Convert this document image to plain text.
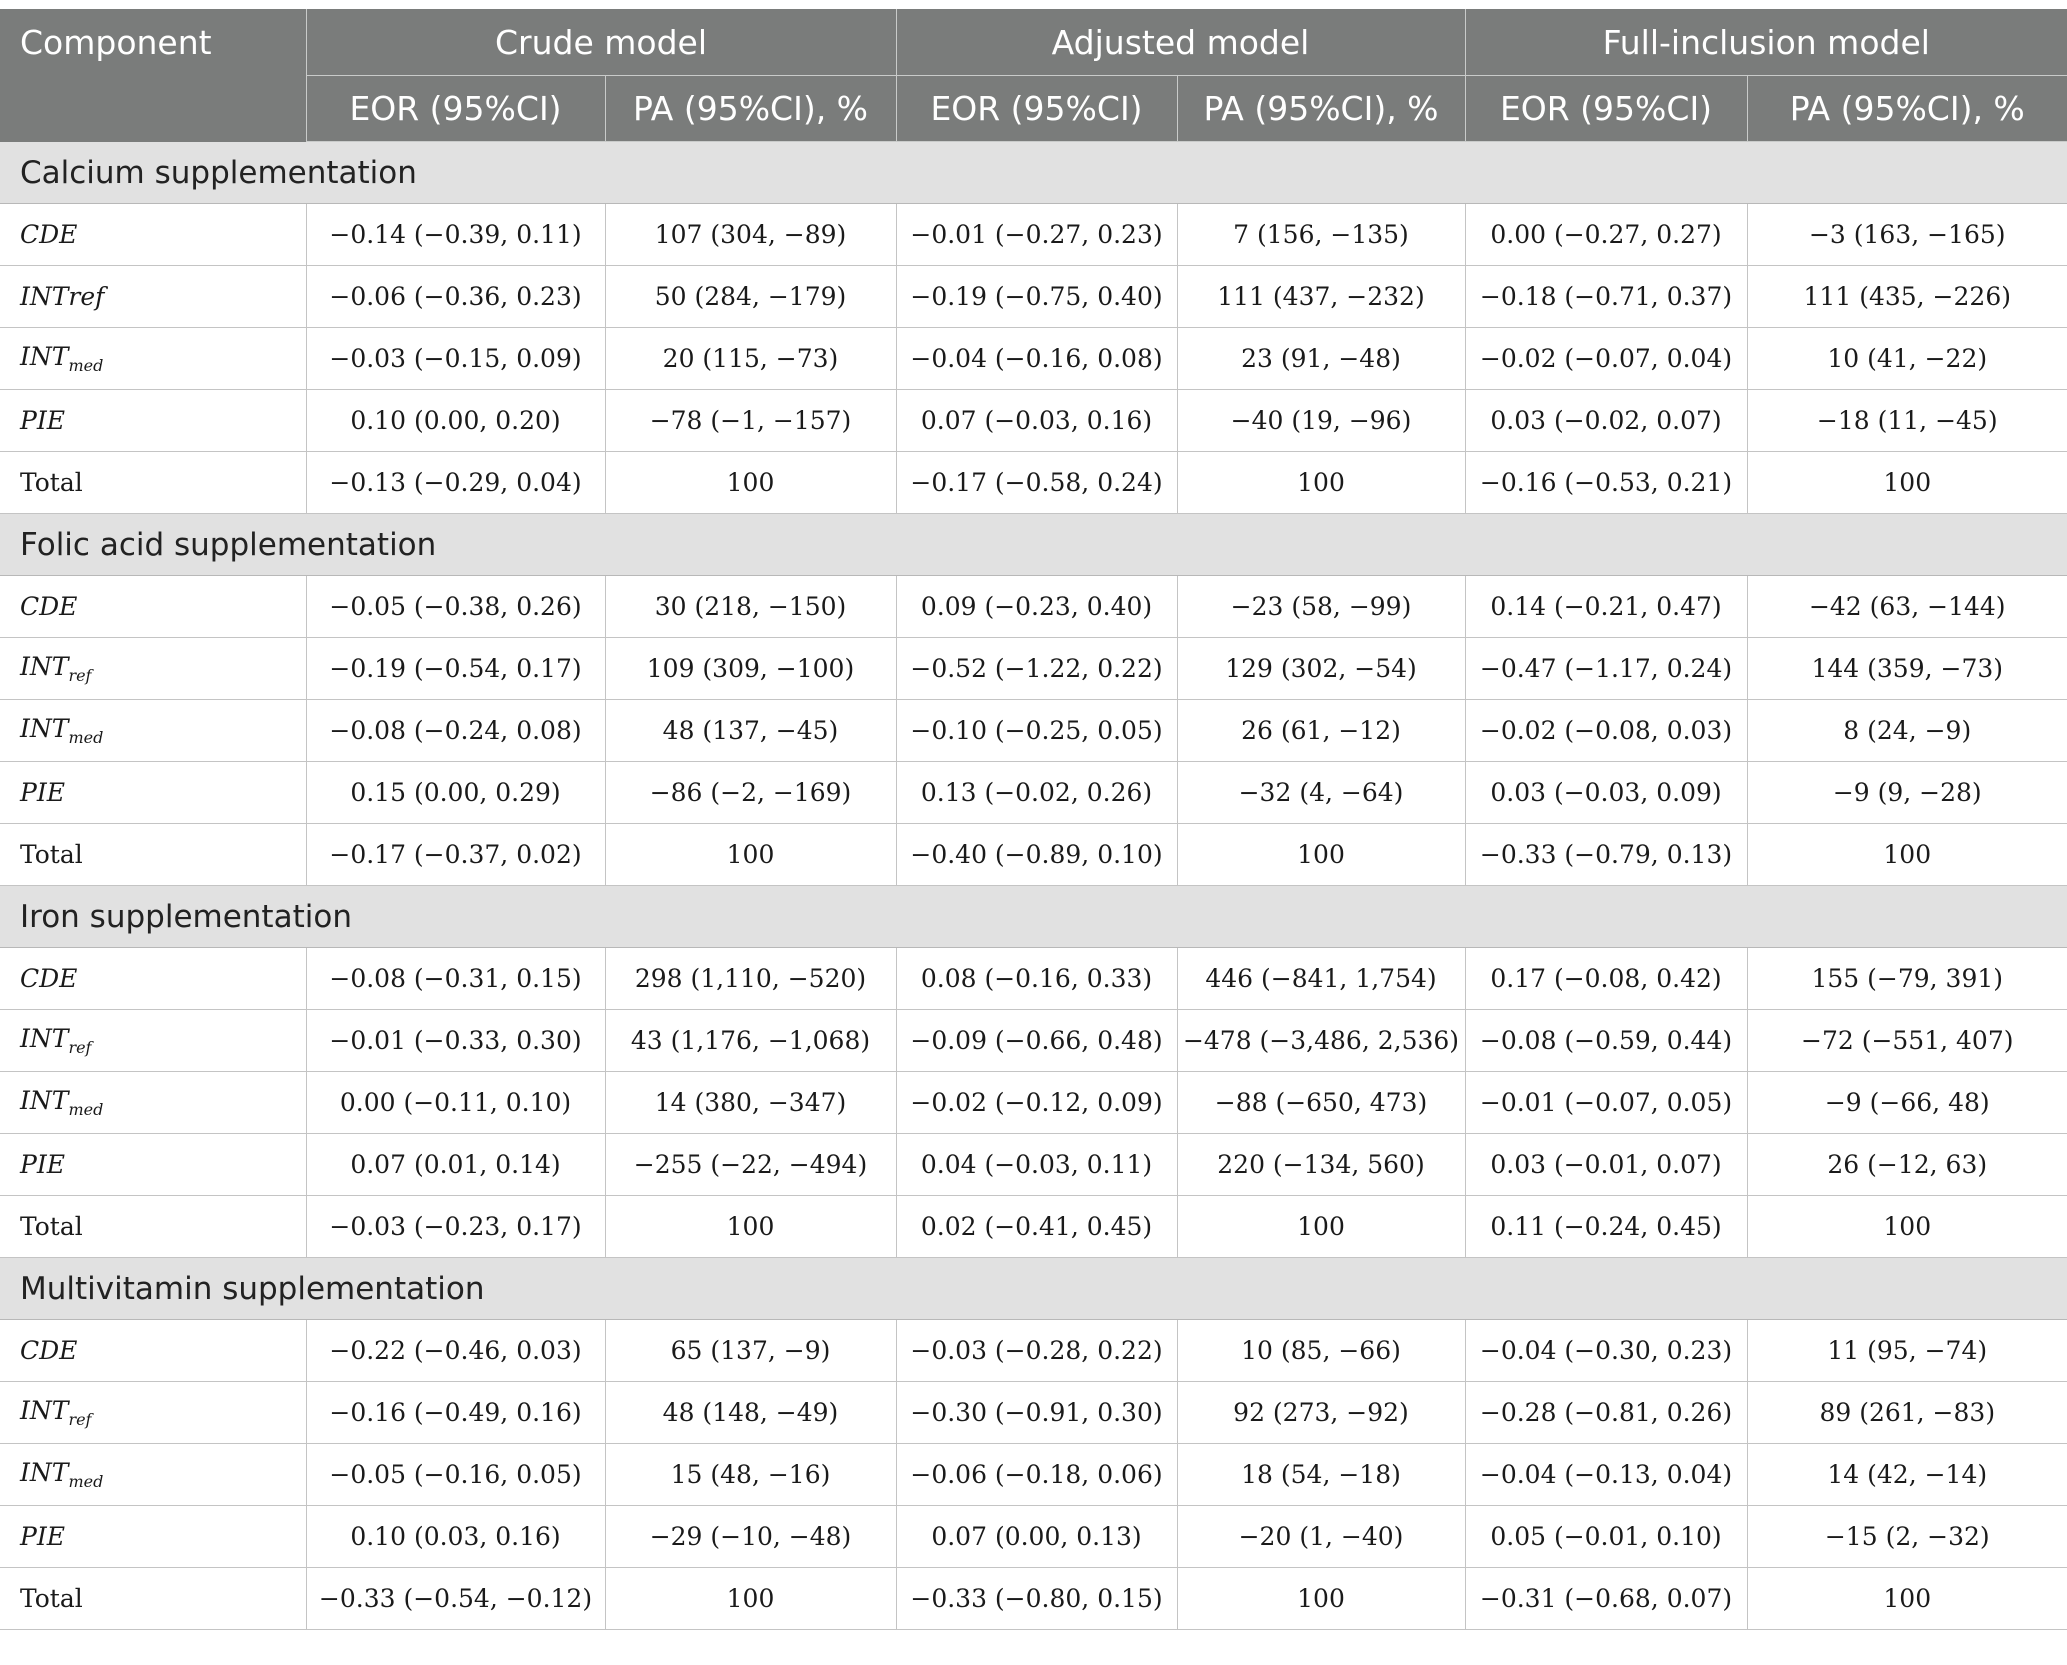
Component	Crude model		Adjusted model		Full-inclusion model	
	EOR (95%CI)	PA (95%CI), %	EOR (95%CI)	PA (95%CI), %	EOR (95%CI)	PA (95%CI), %
Calcium supplementation						
CDE	−0.14 (−0.39, 0.11)	107 (304, −89)	−0.01 (−0.27, 0.23)	7 (156, −135)	0.00 (−0.27, 0.27)	−3 (163, −165)
INTref	−0.06 (−0.36, 0.23)	50 (284, −179)	−0.19 (−0.75, 0.40)	111 (437, −232)	−0.18 (−0.71, 0.37)	111 (435, −226)
$INT_{med}$	−0.03 (−0.15, 0.09)	20 (115, −73)	−0.04 (−0.16, 0.08)	23 (91, −48)	−0.02 (−0.07, 0.04)	10 (41, −22)
PIE	0.10 (0.00, 0.20)	−78 (−1, −157)	0.07 (−0.03, 0.16)	−40 (19, −96)	0.03 (−0.02, 0.07)	−18 (11, −45)
Total	−0.13 (−0.29, 0.04)	100	−0.17 (−0.58, 0.24)	100	−0.16 (−0.53, 0.21)	100
Folic acid supplementation						
CDE	−0.05 (−0.38, 0.26)	30 (218, −150)	0.09 (−0.23, 0.40)	−23 (58, −99)	0.14 (−0.21, 0.47)	−42 (63, −144)
$INT_{ref}$	−0.19 (−0.54, 0.17)	109 (309, −100)	−0.52 (−1.22, 0.22)	129 (302, −54)	−0.47 (−1.17, 0.24)	144 (359, −73)
$INT_{med}$	−0.08 (−0.24, 0.08)	48 (137, −45)	−0.10 (−0.25, 0.05)	26 (61, −12)	−0.02 (−0.08, 0.03)	8 (24, −9)
PIE	0.15 (0.00, 0.29)	−86 (−2, −169)	0.13 (−0.02, 0.26)	−32 (4, −64)	0.03 (−0.03, 0.09)	−9 (9, −28)
Total	−0.17 (−0.37, 0.02)	100	−0.40 (−0.89, 0.10)	100	−0.33 (−0.79, 0.13)	100
Iron supplementation						
CDE	−0.08 (−0.31, 0.15)	298 (1,110, −520)	0.08 (−0.16, 0.33)	446 (−841, 1,754)	0.17 (−0.08, 0.42)	155 (−79, 391)
$INT_{ref}$	−0.01 (−0.33, 0.30)	43 (1,176, −1,068)	−0.09 (−0.66, 0.48)	−478 (−3,486, 2,536)	−0.08 (−0.59, 0.44)	−72 (−551, 407)
$INT_{med}$	0.00 (−0.11, 0.10)	14 (380, −347)	−0.02 (−0.12, 0.09)	−88 (−650, 473)	−0.01 (−0.07, 0.05)	−9 (−66, 48)
PIE	0.07 (0.01, 0.14)	−255 (−22, −494)	0.04 (−0.03, 0.11)	220 (−134, 560)	0.03 (−0.01, 0.07)	26 (−12, 63)
Total	−0.03 (−0.23, 0.17)	100	0.02 (−0.41, 0.45)	100	0.11 (−0.24, 0.45)	100
Multivitamin supplementation						
CDE	−0.22 (−0.46, 0.03)	65 (137, −9)	−0.03 (−0.28, 0.22)	10 (85, −66)	−0.04 (−0.30, 0.23)	11 (95, −74)
$INT_{ref}$	−0.16 (−0.49, 0.16)	48 (148, −49)	−0.30 (−0.91, 0.30)	92 (273, −92)	−0.28 (−0.81, 0.26)	89 (261, −83)
$INT_{med}$	−0.05 (−0.16, 0.05)	15 (48, −16)	−0.06 (−0.18, 0.06)	18 (54, −18)	−0.04 (−0.13, 0.04)	14 (42, −14)
PIE	0.10 (0.03, 0.16)	−29 (−10, −48)	0.07 (0.00, 0.13)	−20 (1, −40)	0.05 (−0.01, 0.10)	−15 (2, −32)
Total	−0.33 (−0.54, −0.12)	100	−0.33 (−0.80, 0.15)	100	−0.31 (−0.68, 0.07)	100
